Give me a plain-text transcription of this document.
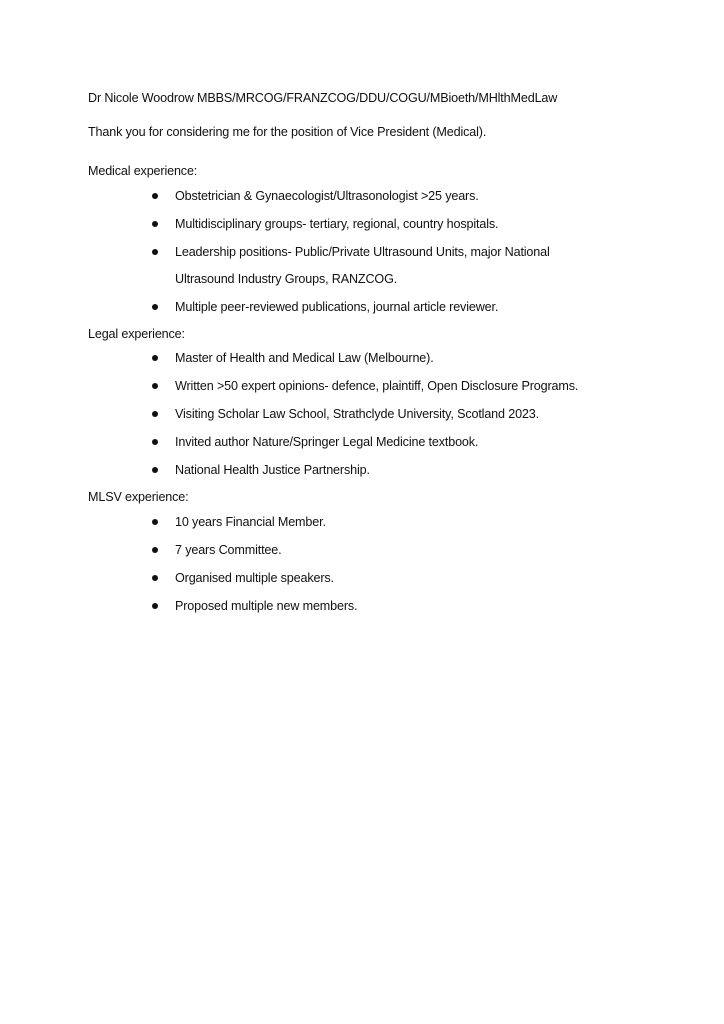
Dr Nicole Woodrow MBBS/MRCOG/FRANZCOG/DDU/COGU/MBioeth/MHlthMedLaw
Thank you for considering me for the position of Vice President (Medical).
Medical experience:
Obstetrician & Gynaecologist/Ultrasonologist >25 years.
Multidisciplinary groups- tertiary, regional, country hospitals.
Leadership positions- Public/Private Ultrasound Units, major National
Ultrasound Industry Groups, RANZCOG.
Multiple peer-reviewed publications, journal article reviewer.
Legal experience:
Master of Health and Medical Law (Melbourne).
Written >50 expert opinions- defence, plaintiff, Open Disclosure Programs.
Visiting Scholar Law School, Strathclyde University, Scotland 2023.
Invited author Nature/Springer Legal Medicine textbook.
National Health Justice Partnership.
MLSV experience:
10 years Financial Member.
7 years Committee.
Organised multiple speakers.
Proposed multiple new members.
